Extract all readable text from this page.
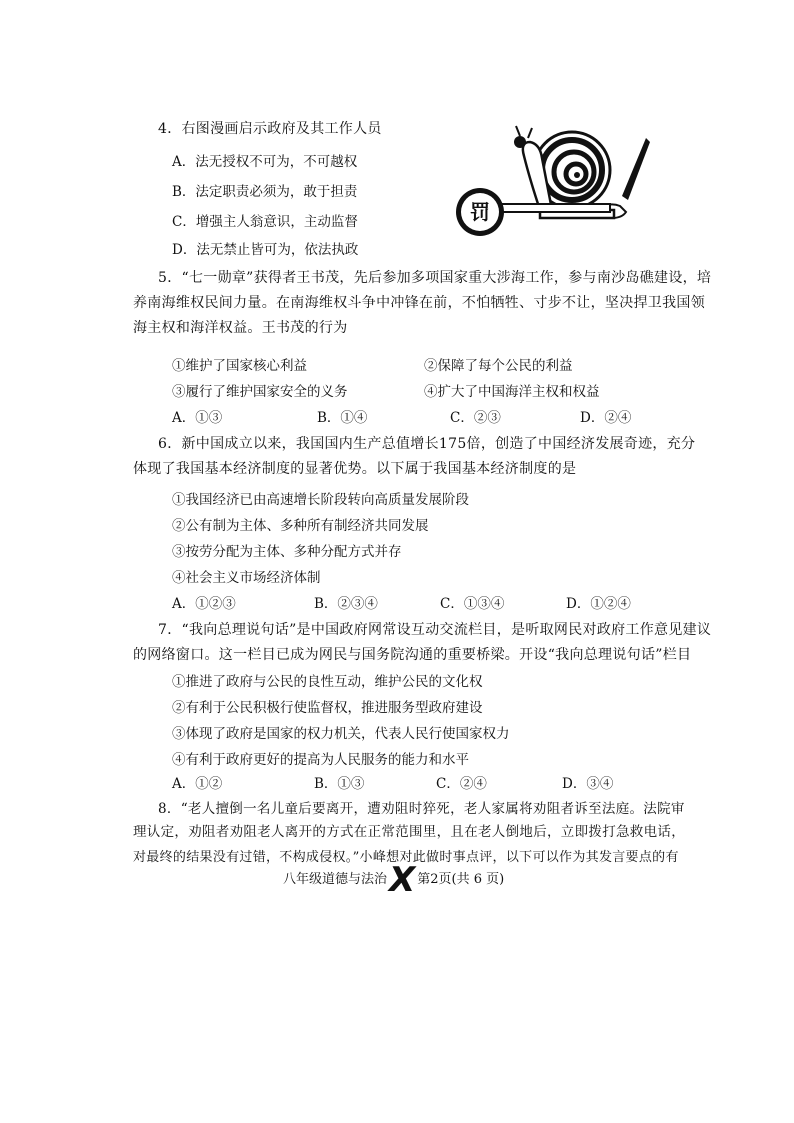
4．右图漫画启示政府及其工作人员
A．法无授权不可为，不可越权
B．法定职责必须为，敢于担责
C．增强主人翁意识，主动监督
D．法无禁止皆可为，依法执政
罚
5．“七一勋章”获得者王书茂，先后参加多项国家重大涉海工作，参与南沙岛礁建设，培
养南海维权民间力量。在南海维权斗争中冲锋在前，不怕牺牲、寸步不让，坚决捍卫我国领
海主权和海洋权益。王书茂的行为
①维护了国家核心利益	②保障了每个公民的利益
③履行了维护国家安全的义务	④扩大了中国海洋主权和权益
A．①③	B．①④	C．②③	D．②④
6．新中国成立以来，我国国内生产总值增长175倍，创造了中国经济发展奇迹，充分
体现了我国基本经济制度的显著优势。以下属于我国基本经济制度的是
①我国经济已由高速增长阶段转向高质量发展阶段
②公有制为主体、多种所有制经济共同发展
③按劳分配为主体、多种分配方式并存
④社会主义市场经济体制
A．①②③	B．②③④	C．①③④	D．①②④
7．“我向总理说句话”是中国政府网常设互动交流栏目，是听取网民对政府工作意见建议
的网络窗口。这一栏目已成为网民与国务院沟通的重要桥梁。开设“我向总理说句话”栏目
①推进了政府与公民的良性互动，维护公民的文化权
②有利于公民积极行使监督权，推进服务型政府建设
③体现了政府是国家的权力机关，代表人民行使国家权力
④有利于政府更好的提高为人民服务的能力和水平
A．①②	B．①③	C．②④	D．③④
8．“老人擅倒一名儿童后要离开，遭劝阻时猝死，老人家属将劝阻者诉至法庭。法院审
理认定，劝阻者劝阻老人离开的方式在正常范围里，且在老人倒地后，立即拨打急救电话，
对最终的结果没有过错，不构成侵权。”小峰想对此做时事点评，以下可以作为其发言要点的有
八年级道德与法治X 第2页(共 6 页)
